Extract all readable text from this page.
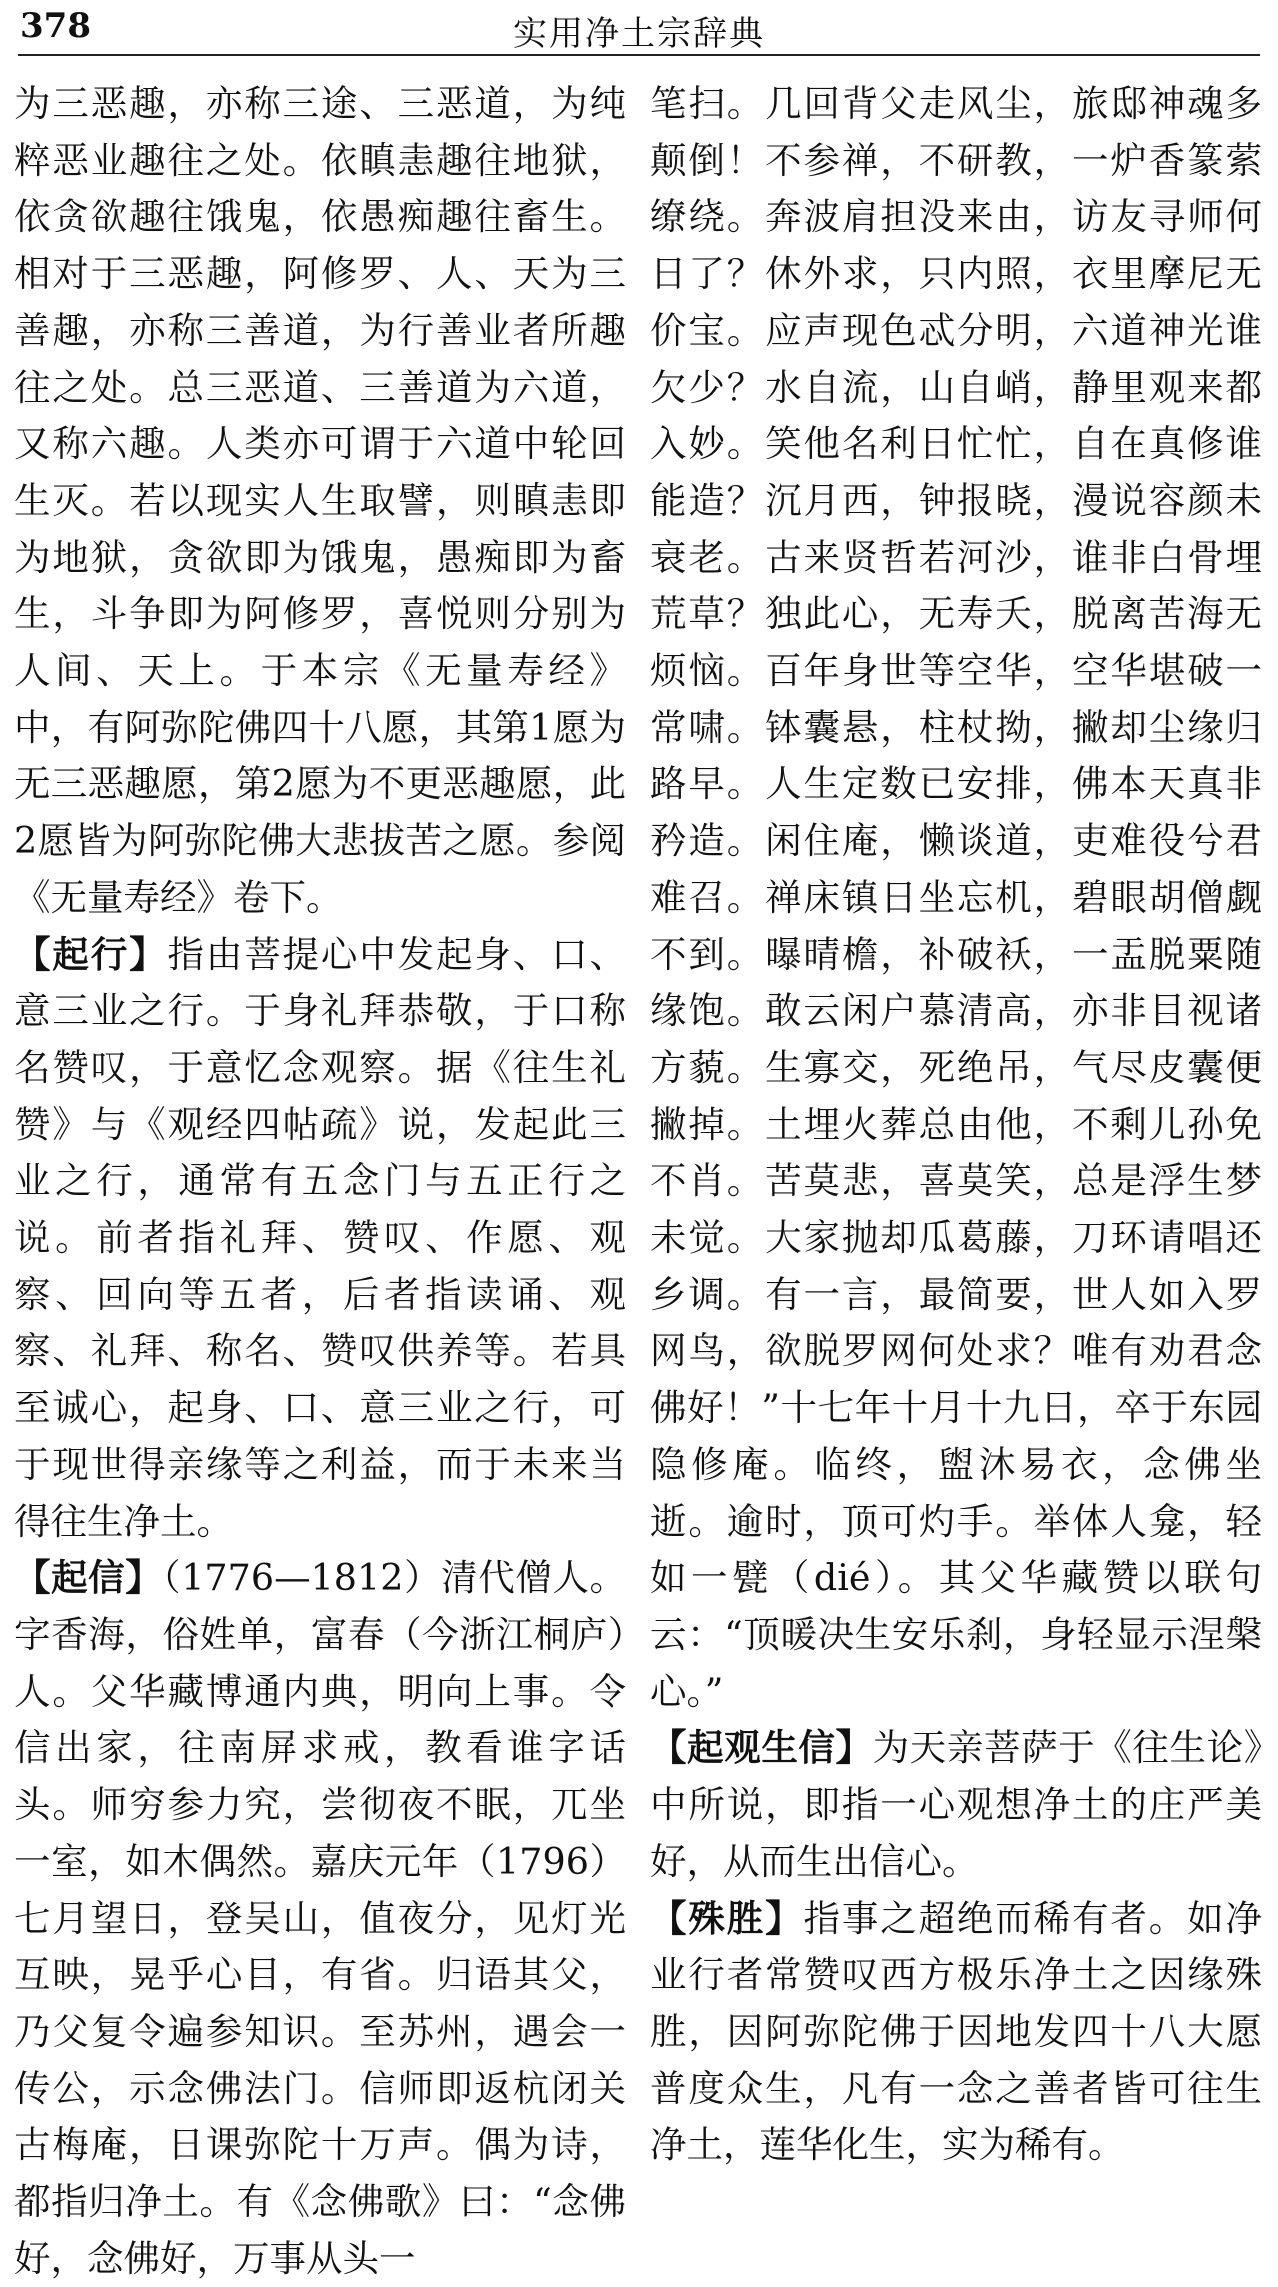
378	实用净土宗辞典

为三恶趣，亦称三途、三恶道，为纯粹恶业趣往之处。依瞋恚趣往地狱，依贪欲趣往饿鬼，依愚痴趣往畜生。相对于三恶趣，阿修罗、人、天为三善趣，亦称三善道，为行善业者所趣往之处。总三恶道、三善道为六道，又称六趣。人类亦可谓于六道中轮回生灭。若以现实人生取譬，则瞋恚即为地狱，贪欲即为饿鬼，愚痴即为畜生，斗争即为阿修罗，喜悦则分别为人间、天上。于本宗《无量寿经》中，有阿弥陀佛四十八愿，其第1愿为无三恶趣愿，第2愿为不更恶趣愿，此2愿皆为阿弥陀佛大悲拔苦之愿。参阅《无量寿经》卷下。

【起行】指由菩提心中发起身、口、意三业之行。于身礼拜恭敬，于口称名赞叹，于意忆念观察。据《往生礼赞》与《观经四帖疏》说，发起此三业之行，通常有五念门与五正行之说。前者指礼拜、赞叹、作愿、观察、回向等五者，后者指读诵、观察、礼拜、称名、赞叹供养等。若具至诚心，起身、口、意三业之行，可于现世得亲缘等之利益，而于未来当得往生净土。

【起信】（1776—1812）清代僧人。字香海，俗姓单，富春（今浙江桐庐）人。父华藏博通内典，明向上事。令信出家，往南屏求戒，教看谁字话头。师穷参力究，尝彻夜不眠，兀坐一室，如木偶然。嘉庆元年（1796）七月望日，登吴山，值夜分，见灯光互映，晃乎心目，有省。归语其父，乃父复令遍参知识。至苏州，遇会一传公，示念佛法门。信师即返杭闭关古梅庵，日课弥陀十万声。偶为诗，都指归净土。有《念佛歌》曰：“念佛好，念佛好，万事从头一

笔扫。几回背父走风尘，旅邸神魂多颠倒！不参禅，不研教，一炉香篆萦缭绕。奔波肩担没来由，访友寻师何日了？休外求，只内照，衣里摩尼无价宝。应声现色忒分明，六道神光谁欠少？水自流，山自峭，静里观来都入妙。笑他名利日忙忙，自在真修谁能造？沉月西，钟报晓，漫说容颜未衰老。古来贤哲若河沙，谁非白骨埋荒草？独此心，无寿夭，脱离苦海无烦恼。百年身世等空华，空华堪破一常啸。钵囊悬，柱杖拗，撇却尘缘归路早。人生定数已安排，佛本天真非矜造。闲住庵，懒谈道，吏难役兮君难召。禅床镇日坐忘机，碧眼胡僧觑不到。曝晴檐，补破袄，一盂脱粟随缘饱。敢云闲户慕清高，亦非目视诸方藐。生寡交，死绝吊，气尽皮囊便撇掉。土埋火葬总由他，不剩儿孙免不肖。苦莫悲，喜莫笑，总是浮生梦未觉。大家抛却瓜葛藤，刀环请唱还乡调。有一言，最简要，世人如入罗网鸟，欲脱罗网何处求？唯有劝君念佛好！”十七年十月十九日，卒于东园隐修庵。临终，盥沐易衣，念佛坐逝。逾时，顶可灼手。举体人龛，轻如一甓（dié）。其父华藏赞以联句云：“顶暖决生安乐刹，身轻显示涅槃心。”

【起观生信】为天亲菩萨于《往生论》中所说，即指一心观想净土的庄严美好，从而生出信心。

【殊胜】指事之超绝而稀有者。如净业行者常赞叹西方极乐净土之因缘殊胜，因阿弥陀佛于因地发四十八大愿普度众生，凡有一念之善者皆可往生净土，莲华化生，实为稀有。
